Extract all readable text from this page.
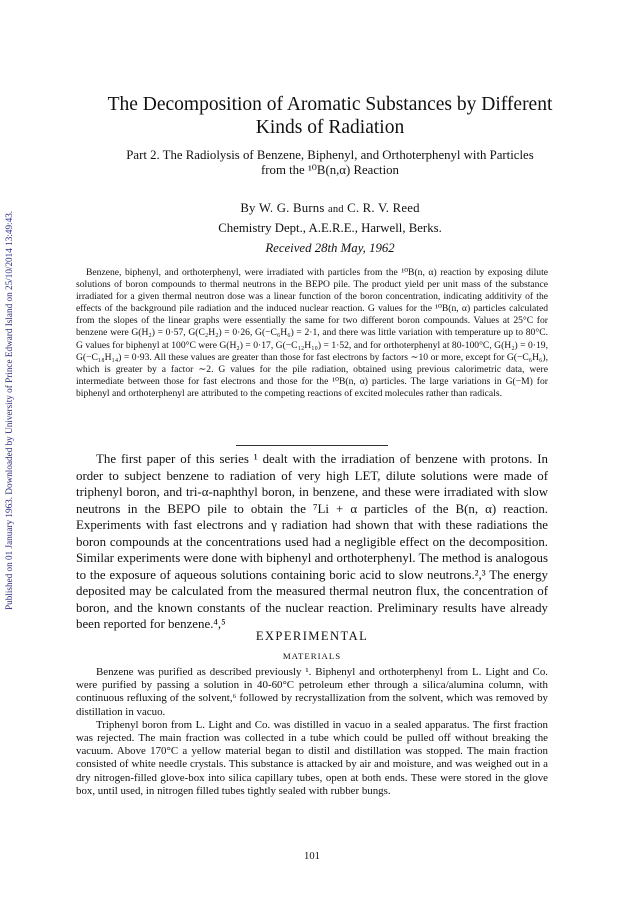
Published on 01 January 1963. Downloaded by University of Prince Edward Island on 25/10/2014 13:49:43.
The Decomposition of Aromatic Substances by Different
Kinds of Radiation
Part 2. The Radiolysis of Benzene, Biphenyl, and Orthoterphenyl with Particles
from the ¹⁰B(n,α) Reaction
By W. G. Burns and C. R. V. Reed
Chemistry Dept., A.E.R.E., Harwell, Berks.
Received 28th May, 1962

Benzene, biphenyl, and orthoterphenyl, were irradiated with particles from the ¹⁰B(n, α) reaction by exposing dilute solutions of boron compounds to thermal neutrons in the BEPO pile. The product yield per unit mass of the substance irradiated for a given thermal neutron dose was a linear function of the boron concentration, indicating additivity of the effects of the background pile radiation and the induced nuclear reaction. G values for the ¹⁰B(n, α) particles calculated from the slopes of the linear graphs were essentially the same for two different boron compounds. Values at 25°C for benzene were G(H₂) = 0·57, G(C₂H₂) = 0·26, G(−C₆H₆) = 2·1, and there was little variation with temperature up to 80°C. G values for biphenyl at 100°C were G(H₂) = 0·17, G(−C₁₂H₁₀) = 1·52, and for orthoterphenyl at 80-100°C, G(H₂) = 0·19, G(−C₁₈H₁₄) = 0·93. All these values are greater than those for fast electrons by factors ∼10 or more, except for G(−C₆H₆), which is greater by a factor ∼2. G values for the pile radiation, obtained using previous calorimetric data, were intermediate between those for fast electrons and those for the ¹⁰B(n, α) particles. The large variations in G(−M) for biphenyl and orthoterphenyl are attributed to the competing reactions of excited molecules rather than radicals.

The first paper of this series ¹ dealt with the irradiation of benzene with protons. In order to subject benzene to radiation of very high LET, dilute solutions were made of triphenyl boron, and tri-α-naphthyl boron, in benzene, and these were irradiated with slow neutrons in the BEPO pile to obtain the ⁷Li + α particles of the B(n, α) reaction. Experiments with fast electrons and γ radiation had shown that with these radiations the boron compounds at the concentrations used had a negligible effect on the decomposition. Similar experiments were done with biphenyl and orthoterphenyl. The method is analogous to the exposure of aqueous solutions containing boric acid to slow neutrons.²,³ The energy deposited may be calculated from the measured thermal neutron flux, the concentration of boron, and the known constants of the nuclear reaction. Preliminary results have already been reported for benzene.⁴,⁵

EXPERIMENTAL
MATERIALS

Benzene was purified as described previously ¹. Biphenyl and orthoterphenyl from L. Light and Co. were purified by passing a solution in 40-60°C petroleum ether through a silica/alumina column, with continuous refluxing of the solvent,⁶ followed by recrystallization from the solvent, which was removed by distillation in vacuo.

Triphenyl boron from L. Light and Co. was distilled in vacuo in a sealed apparatus. The first fraction was rejected. The main fraction was collected in a tube which could be pulled off without breaking the vacuum. Above 170°C a yellow material began to distil and distillation was stopped. The main fraction consisted of white needle crystals. This substance is attacked by air and moisture, and was weighed out in a dry nitrogen-filled glove-box into silica capillary tubes, open at both ends. These were stored in the glove box, until used, in nitrogen filled tubes tightly sealed with rubber bungs.

101
